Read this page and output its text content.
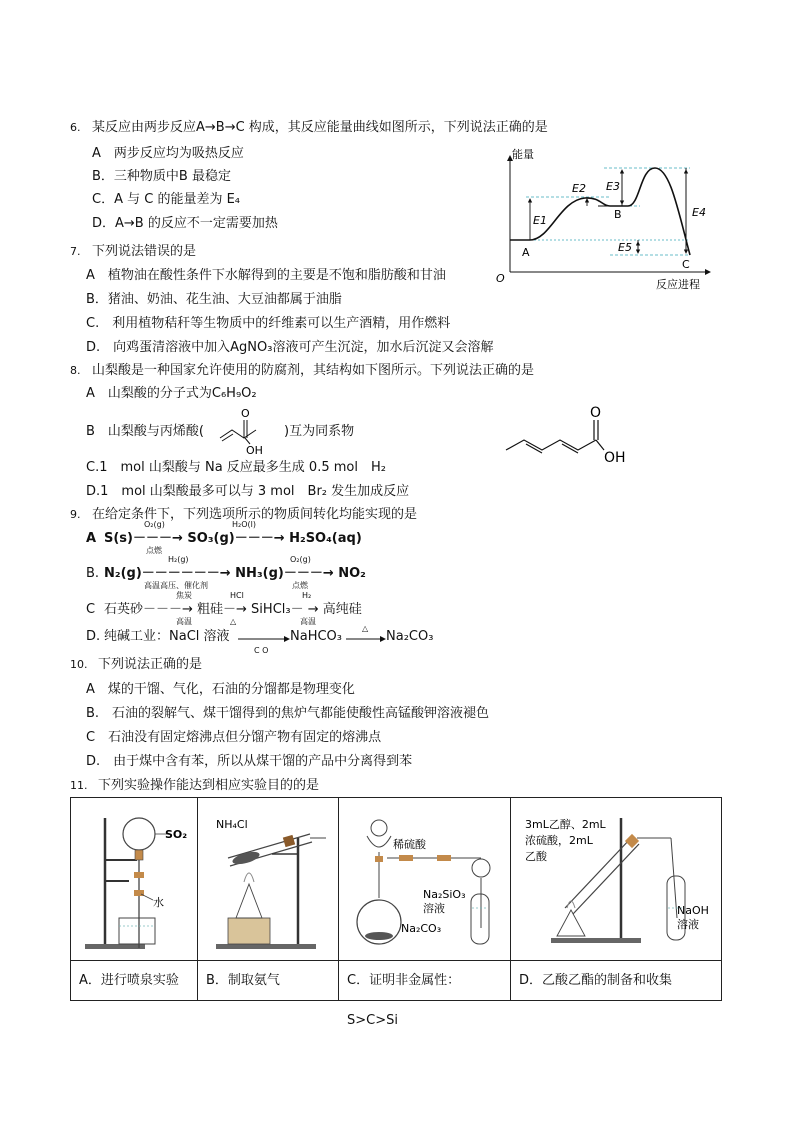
6. 某反应由两步反应A→B→C 构成，其反应能量曲线如图所示，下列说法正确的是
A　两步反应均为吸热反应
B．三种物质中B 最稳定
C．A 与 C 的能量差为 E₄
D．A→B 的反应不一定需要加热
能量
反应进程
O
A
B
C
E1
E2 E3
E4
E5
7. 下列说法错误的是
A　植物油在酸性条件下水解得到的主要是不饱和脂肪酸和甘油
B．猪油、奶油、花生油、大豆油都属于油脂
C.　利用植物秸秆等生物质中的纤维素可以生产酒精，用作燃料
D.　向鸡蛋清溶液中加入AgNO₃溶液可产生沉淀，加水后沉淀又会溶解
8. 山梨酸是一种国家允许使用的防腐剂，其结构如下图所示。下列说法正确的是
A　山梨酸的分子式为C₆H₉O₂
B　山梨酸与丙烯酸(
O
OH
)互为同系物
O
OH
C.1　mol 山梨酸与 Na 反应最多生成 0.5 mol　H₂
D.1　mol 山梨酸最多可以与 3 mol　Br₂ 发生加成反应
9. 在给定条件下，下列选项所示的物质间转化均能实现的是
A S(s)－－－→ SO₃(g)－－－→ H₂SO₄(aq)
O₂(g)
点燃
H₂O(l)
B. N₂(g)－－－－－－→ NH₃(g)－－－→ NO₂
H₂(g)
高温高压、催化剂
O₂(g)
点燃
C 石英砂－－－→ 粗硅－→ SiHCl₃－ → 高纯硅
焦炭
高温
HCl
△
H₂
高温
D. 纯碱工业：NaCl 溶液
C O
NaHCO₃
△
Na₂CO₃
10. 下列说法正确的是
A　煤的干馏、气化，石油的分馏都是物理变化
B.　石油的裂解气、煤干馏得到的焦炉气都能使酸性高锰酸钾溶液褪色
C　石油没有固定熔沸点但分馏产物有固定的熔沸点
D.　由于煤中含有苯，所以从煤干馏的产品中分离得到苯
11. 下列实验操作能达到相应实验目的的是
SO₂
水
NH₄Cl
稀硫酸
Na₂SiO₃
溶液
Na₂CO₃
3mL乙醇、2mL
浓硫酸，2mL
乙酸
NaOH
溶液
A．进行喷泉实验	B．制取氨气	C．证明非金属性：S>C>Si
D．乙酸乙酯的制备和收集
